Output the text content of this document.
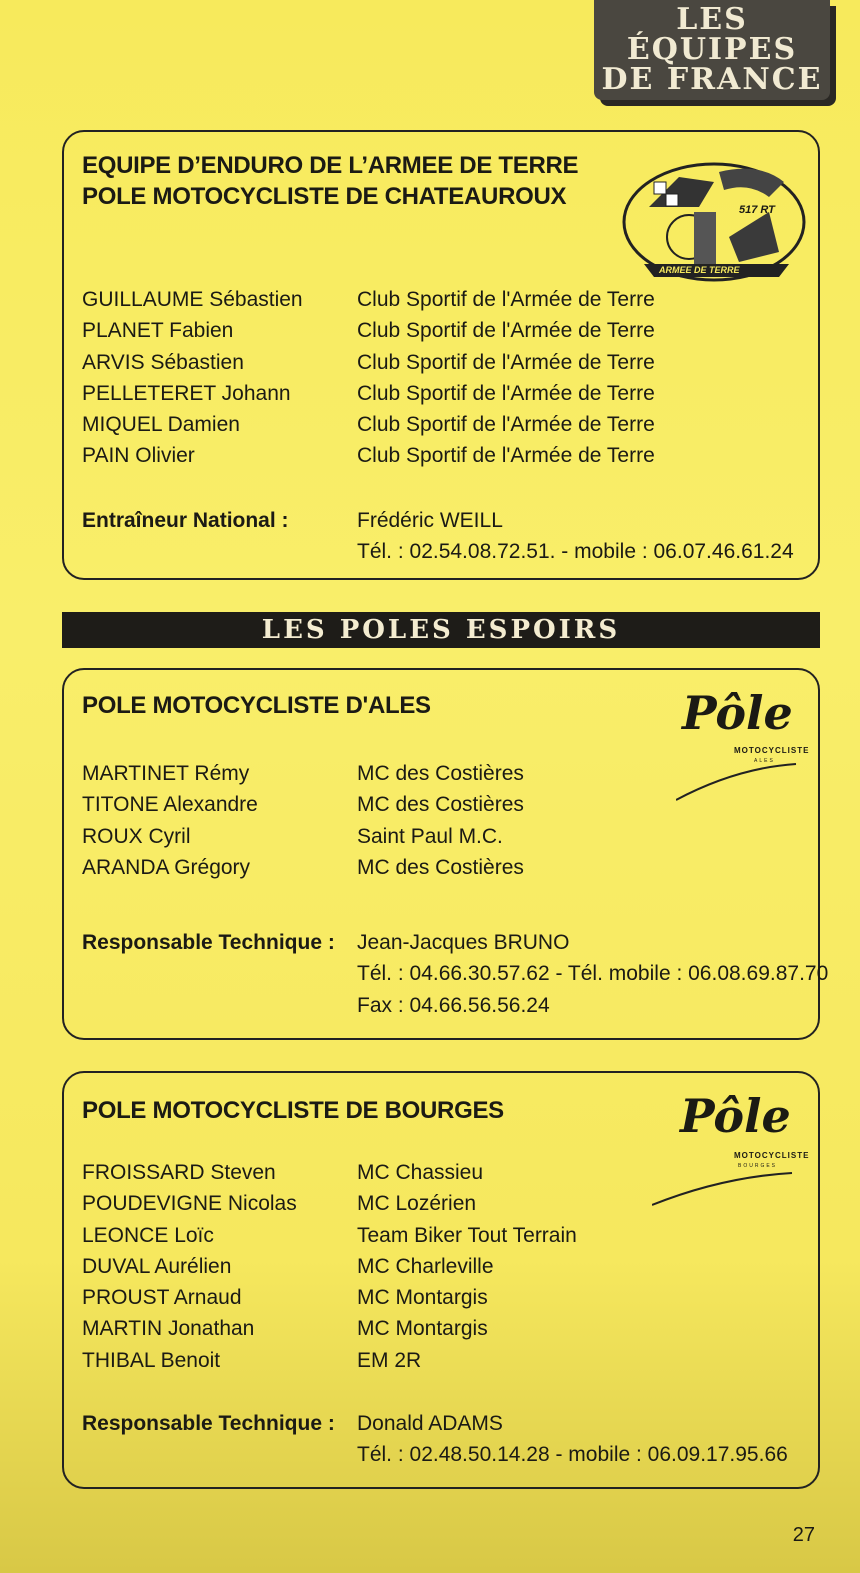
LES ÉQUIPES
DE FRANCE
EQUIPE D’ENDURO DE L’ARMEE DE TERRE
POLE MOTOCYCLISTE DE CHATEAUROUX	517 RT
ARMEE DE TERRE
GUILLAUME Sébastien	Club Sportif de l'Armée de Terre
PLANET Fabien	Club Sportif de l'Armée de Terre
ARVIS Sébastien	Club Sportif de l'Armée de Terre
PELLETERET Johann	Club Sportif de l'Armée de Terre
MIQUEL Damien	Club Sportif de l'Armée de Terre
PAIN Olivier	Club Sportif de l'Armée de Terre
Entraîneur National :	Frédéric WEILL
Tél. : 02.54.08.72.51. - mobile : 06.07.46.61.24
LES POLES ESPOIRS
POLE MOTOCYCLISTE D'ALES	Pôle
MOTOCYCLISTE
ALES
MARTINET Rémy	MC des Costières
TITONE Alexandre	MC des Costières
ROUX Cyril	Saint Paul M.C.
ARANDA Grégory	MC des Costières
Responsable Technique : Jean-Jacques BRUNO
Tél. : 04.66.30.57.62 - Tél. mobile : 06.08.69.87.70
Fax : 04.66.56.56.24
POLE MOTOCYCLISTE DE BOURGES	Pôle
MOTOCYCLISTE
BOURGES
FROISSARD Steven	MC Chassieu
POUDEVIGNE Nicolas	MC Lozérien
LEONCE Loïc	Team Biker Tout Terrain
DUVAL Aurélien	MC Charleville
PROUST Arnaud	MC Montargis
MARTIN Jonathan	MC Montargis
THIBAL Benoit	EM 2R
Responsable Technique : Donald ADAMS
Tél. : 02.48.50.14.28 - mobile : 06.09.17.95.66
27
